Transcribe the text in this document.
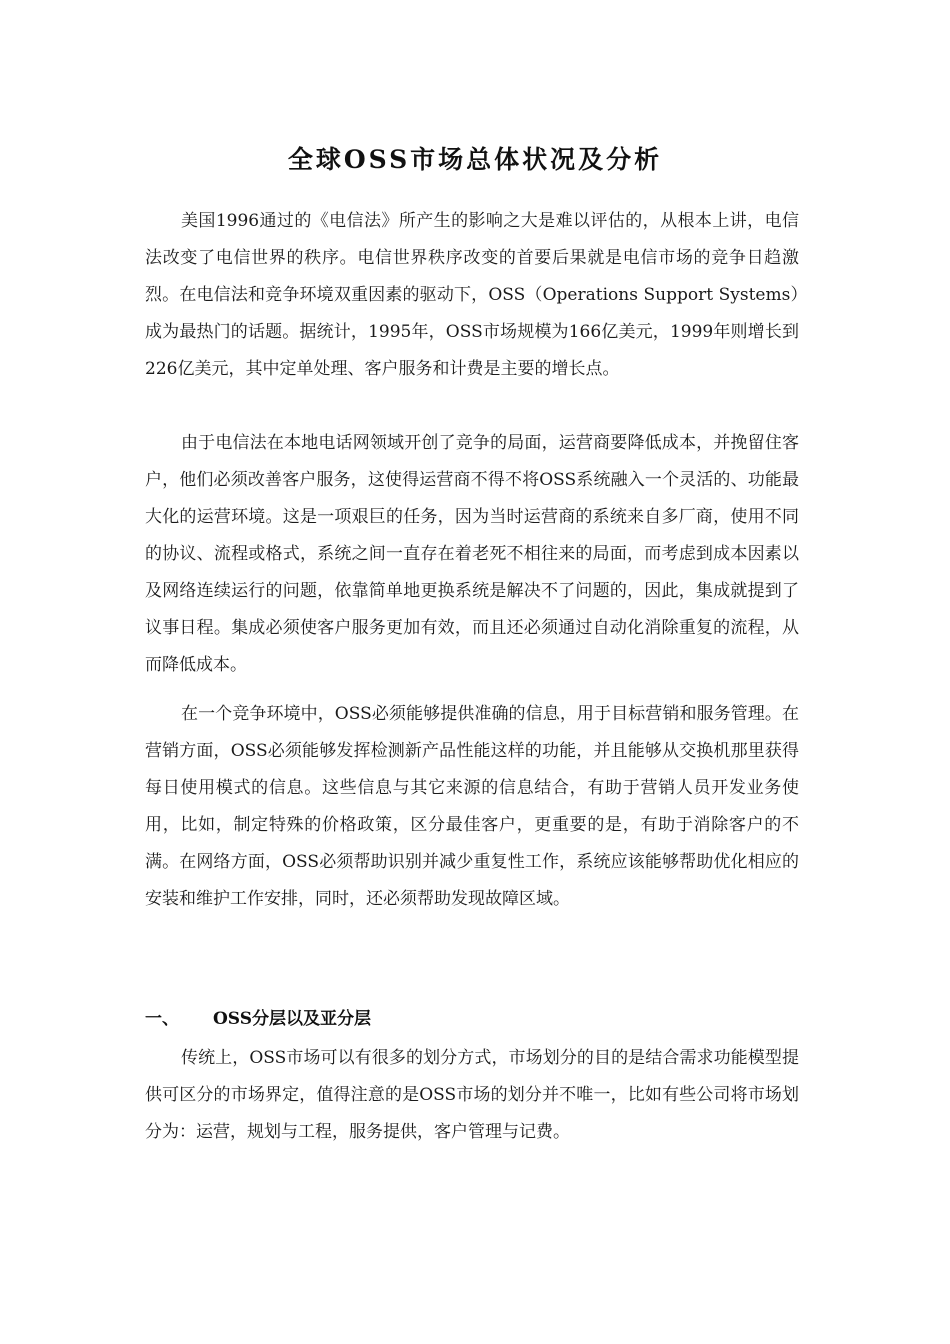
全球OSS市场总体状况及分析

美国1996通过的《电信法》所产生的影响之大是难以评估的，从根本上讲，电信法改变了电信世界的秩序。电信世界秩序改变的首要后果就是电信市场的竞争日趋激烈。在电信法和竞争环境双重因素的驱动下，OSS（Operations Support Systems）成为最热门的话题。据统计，1995年，OSS市场规模为166亿美元，1999年则增长到226亿美元，其中定单处理、客户服务和计费是主要的增长点。

由于电信法在本地电话网领域开创了竞争的局面，运营商要降低成本，并挽留住客户，他们必须改善客户服务，这使得运营商不得不将OSS系统融入一个灵活的、功能最大化的运营环境。这是一项艰巨的任务，因为当时运营商的系统来自多厂商，使用不同的协议、流程或格式，系统之间一直存在着老死不相往来的局面，而考虑到成本因素以及网络连续运行的问题，依靠简单地更换系统是解决不了问题的，因此，集成就提到了议事日程。集成必须使客户服务更加有效，而且还必须通过自动化消除重复的流程，从而降低成本。

在一个竞争环境中，OSS必须能够提供准确的信息，用于目标营销和服务管理。在营销方面，OSS必须能够发挥检测新产品性能这样的功能，并且能够从交换机那里获得每日使用模式的信息。这些信息与其它来源的信息结合，有助于营销人员开发业务使用，比如，制定特殊的价格政策，区分最佳客户，更重要的是，有助于消除客户的不满。在网络方面，OSS必须帮助识别并减少重复性工作，系统应该能够帮助优化相应的安装和维护工作安排，同时，还必须帮助发现故障区域。

一、 OSS分层以及亚分层

传统上，OSS市场可以有很多的划分方式，市场划分的目的是结合需求功能模型提供可区分的市场界定，值得注意的是OSS市场的划分并不唯一，比如有些公司将市场划分为：运营，规划与工程，服务提供，客户管理与记费。
